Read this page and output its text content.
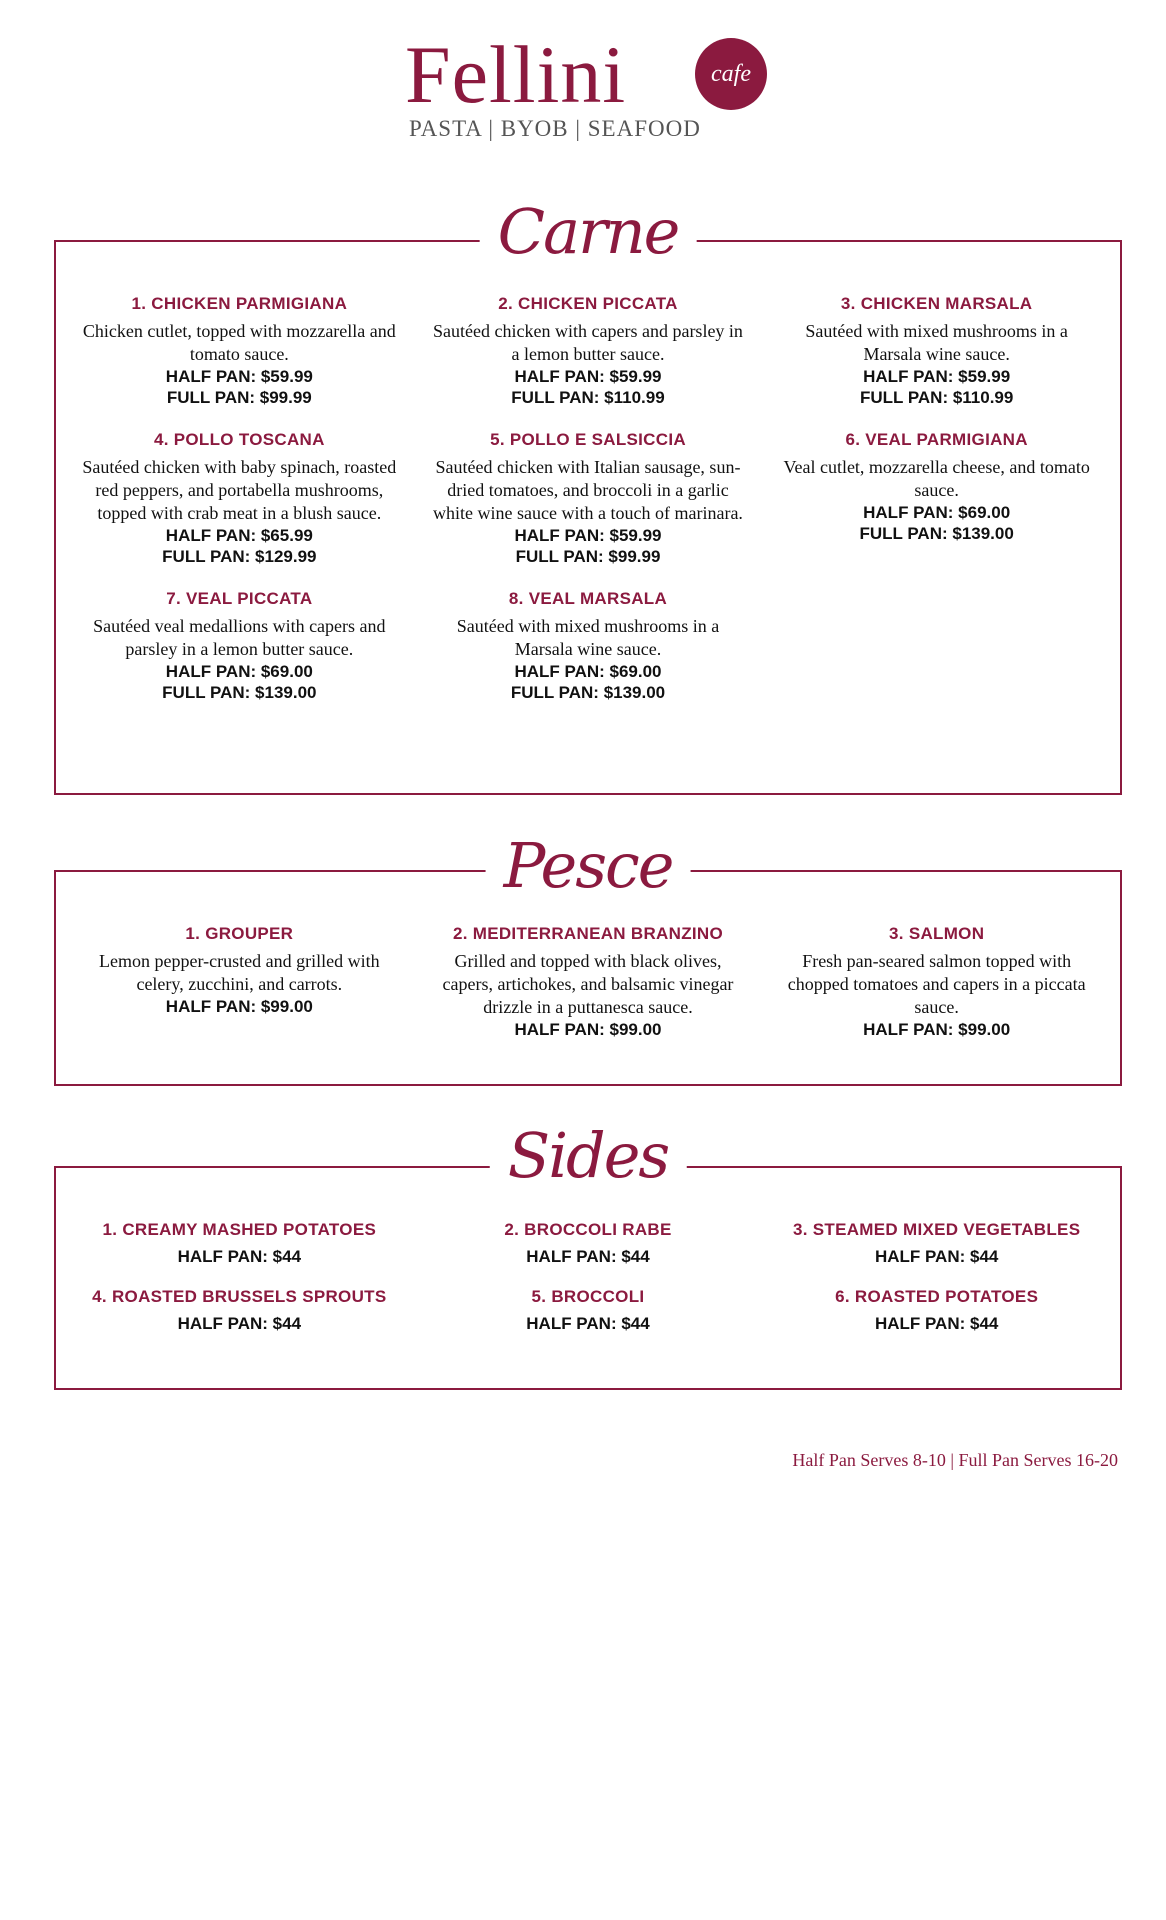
Fellini	cafe
PASTA | BYOB | SEAFOOD
Carne
1. CHICKEN PARMIGIANA
Chicken cutlet, topped with mozzarella and tomato sauce.
HALF PAN: $59.99
FULL PAN: $99.99
2. CHICKEN PICCATA
Sautéed chicken with capers and parsley in a lemon butter sauce.
HALF PAN: $59.99
FULL PAN: $110.99
3. CHICKEN MARSALA
Sautéed with mixed mushrooms in a Marsala wine sauce.
HALF PAN: $59.99
FULL PAN: $110.99
4. POLLO TOSCANA
Sautéed chicken with baby spinach, roasted red peppers, and portabella mushrooms, topped with crab meat in a blush sauce.
HALF PAN: $65.99
FULL PAN: $129.99
5. POLLO E SALSICCIA
Sautéed chicken with Italian sausage, sun-dried tomatoes, and broccoli in a garlic white wine sauce with a touch of marinara.
HALF PAN: $59.99
FULL PAN: $99.99
6. VEAL PARMIGIANA
Veal cutlet, mozzarella cheese, and tomato sauce.
HALF PAN: $69.00
FULL PAN: $139.00
7. VEAL PICCATA
Sautéed veal medallions with capers and parsley in a lemon butter sauce.
HALF PAN: $69.00
FULL PAN: $139.00
8. VEAL MARSALA
Sautéed with mixed mushrooms in a Marsala wine sauce.
HALF PAN: $69.00
FULL PAN: $139.00
Pesce
1. GROUPER
Lemon pepper-crusted and grilled with celery, zucchini, and carrots.
HALF PAN: $99.00
2. MEDITERRANEAN BRANZINO
Grilled and topped with black olives, capers, artichokes, and balsamic vinegar drizzle in a puttanesca sauce.
HALF PAN: $99.00
3. SALMON
Fresh pan-seared salmon topped with chopped tomatoes and capers in a piccata sauce.
HALF PAN: $99.00
Sides
1. CREAMY MASHED POTATOES
HALF PAN: $44
2. BROCCOLI RABE
HALF PAN: $44
3. STEAMED MIXED VEGETABLES
HALF PAN: $44
4. ROASTED BRUSSELS SPROUTS
HALF PAN: $44
5. BROCCOLI
HALF PAN: $44
6. ROASTED POTATOES
HALF PAN: $44
Half Pan Serves 8-10 | Full Pan Serves 16-20
